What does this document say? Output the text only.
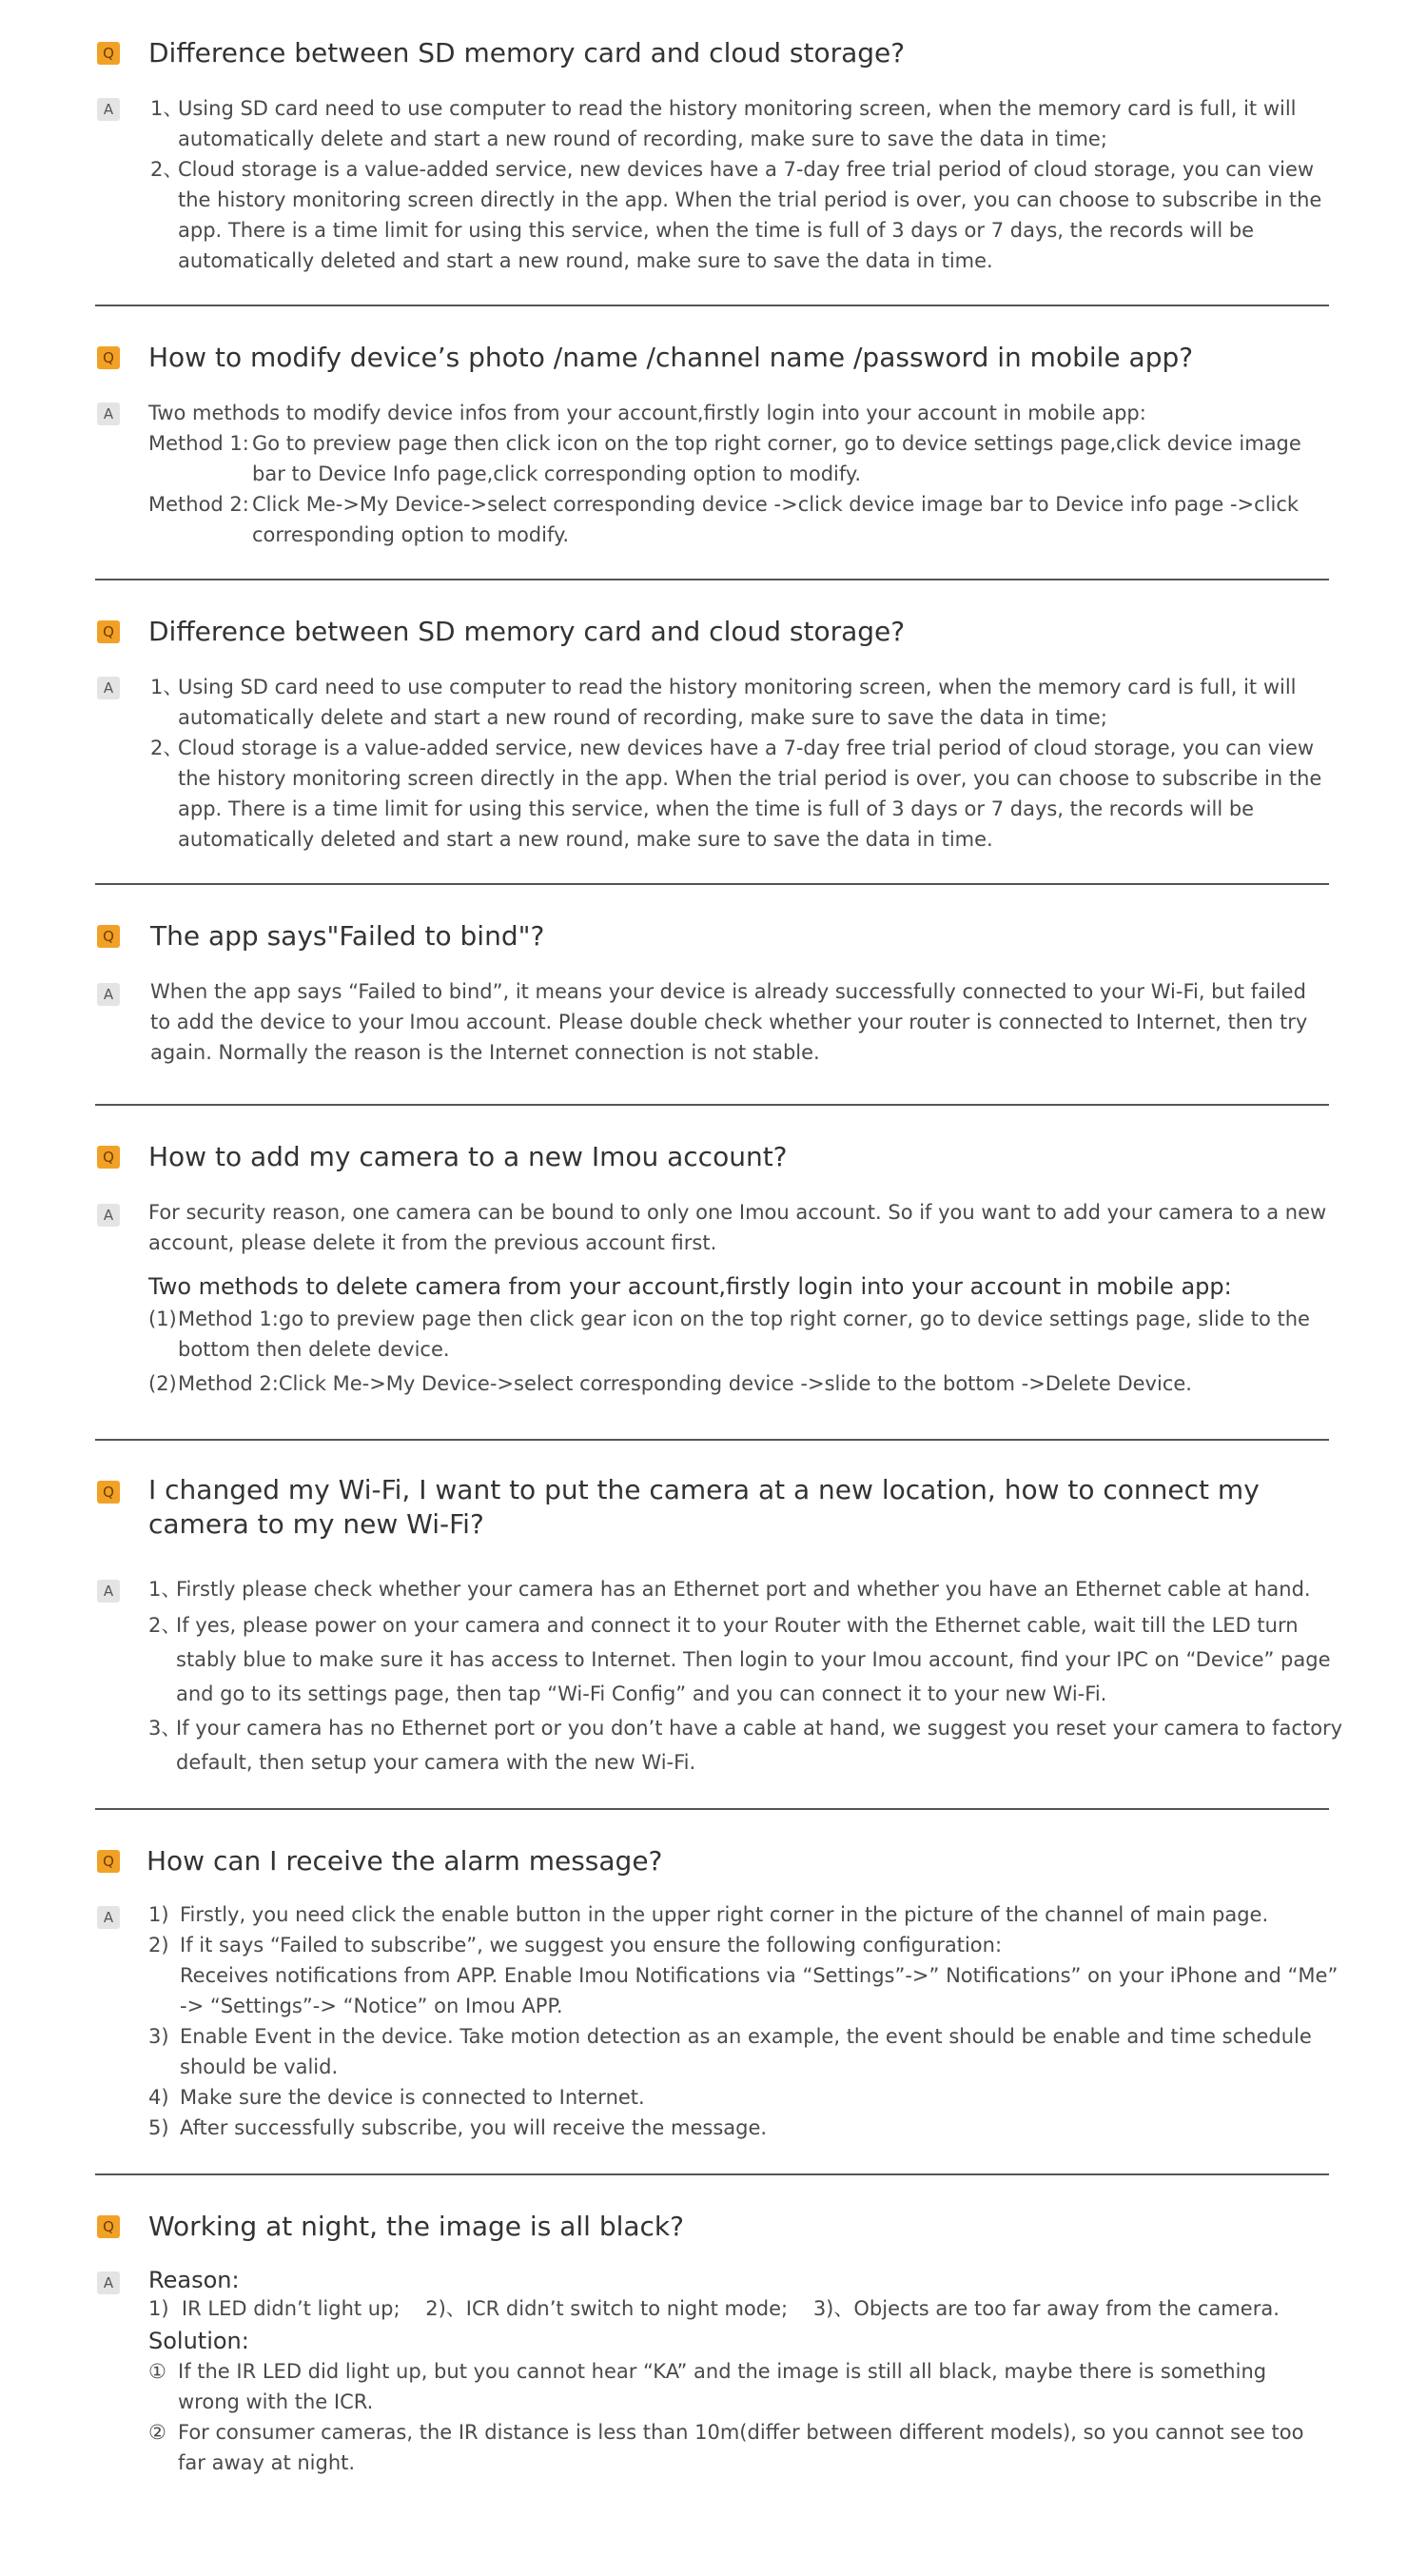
Q Difference between SD memory card and cloud storage?
A	1、
Using SD card need to use computer to read the history monitoring screen, when the memory card is full, it will automatically delete and start a new round of recording, make sure to save the data in time;
2、
Cloud storage is a value-added service, new devices have a 7-day free trial period of cloud storage, you can view the history monitoring screen directly in the app. When the trial period is over, you can choose to subscribe in the app. There is a time limit for using this service, when the time is full of 3 days or 7 days, the records will be automatically deleted and start a new round, make sure to save the data in time.
Q How to modify device’s photo /name /channel name /password in mobile app?
A	Two methods to modify device infos from your account,firstly login into your account in mobile app:

Method 1: Go to preview page then click icon on the top right corner, go to device settings page,click device image bar to Device Info page,click corresponding option to modify.
Method 2: Click Me->My Device->select corresponding device ->click device image bar to Device info page ->click corresponding option to modify.
Q Difference between SD memory card and cloud storage?
A	1、
Using SD card need to use computer to read the history monitoring screen, when the memory card is full, it will automatically delete and start a new round of recording, make sure to save the data in time;
2、
Cloud storage is a value-added service, new devices have a 7-day free trial period of cloud storage, you can view the history monitoring screen directly in the app. When the trial period is over, you can choose to subscribe in the app. There is a time limit for using this service, when the time is full of 3 days or 7 days, the records will be automatically deleted and start a new round, make sure to save the data in time.
Q The app says"Failed to bind"?
A	When the app says “Failed to bind”, it means your device is already successfully connected to your Wi-Fi, but failed to add the device to your Imou account. Please double check whether your router is connected to Internet, then try again. Normally the reason is the Internet connection is not stable.

Q How to add my camera to a new Imou account?
A	For security reason, one camera can be bound to only one Imou account. So if you want to add your camera to a new account, please delete it from the previous account first.

Two methods to delete camera from your account,firstly login into your account in mobile app:

(1) Method 1:go to preview page then click gear icon on the top right corner, go to device settings page, slide to the bottom then delete device.
(2) Method 2:Click Me->My Device->select corresponding device ->slide to the bottom ->Delete Device.
Q I changed my Wi-Fi, I want to put the camera at a new location, how to connect my camera to my new Wi-Fi?
A	1、
Firstly please check whether your camera has an Ethernet port and whether you have an Ethernet cable at hand.
2、
If yes, please power on your camera and connect it to your Router with the Ethernet cable, wait till the LED turn stably blue to make sure it has access to Internet. Then login to your Imou account, find your IPC on “Device” page and go to its settings page, then tap “Wi-Fi Config” and you can connect it to your new Wi-Fi.
3、
If your camera has no Ethernet port or you don’t have a cable at hand, we suggest you reset your camera to factory default, then setup your camera with the new Wi-Fi.
Q How can I receive the alarm message?
A	1) Firstly, you need click the enable button in the upper right corner in the picture of the channel of main page.
2) If it says “Failed to subscribe”, we suggest you ensure the following configuration:
Receives notifications from APP. Enable Imou Notifications via “Settings”->” Notifications” on your iPhone and “Me” -> “Settings”-> “Notice” on Imou APP.
3) Enable Event in the device. Take motion detection as an example, the event should be enable and time schedule should be valid.
4) Make sure the device is connected to Internet.
5) After successfully subscribe, you will receive the message.
Q Working at night, the image is all black?
A Reason:

1) IR LED didn’t light up; 2)、ICR didn’t switch to night mode; 3)、Objects are too far away from the camera.

Solution:

① If the IR LED did light up, but you cannot hear “KA” and the image is still all black, maybe there is something wrong with the ICR.
② For consumer cameras, the IR distance is less than 10m(differ between different models), so you cannot see too far away at night.
